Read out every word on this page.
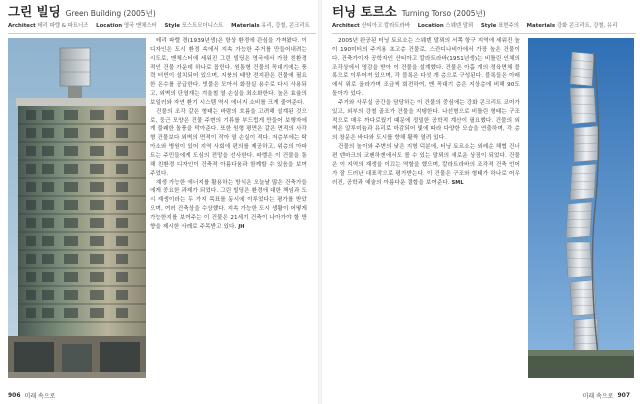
그린 빌딩 Green Building (2005년)
Architect 테리 파렐 & 파트너즈 Location 영국 맨체스터 Style 포스트모더니스트 Materials 유리, 강철, 콘크리트

테리 파렐 경(1939년생)은 항상 환경에 관심을 가져왔다. 이 디자인은 도시 환경 속에서 지속 가능한 주거를 만들어내려는 시도로, 맨체스터에 세워진 그린 빌딩은 영국에서 가장 친환경적인 건물 가운데 하나로 꼽힌다. 원통형 건물의 꼭대기에는 풍력 터빈이 설치되어 있으며, 지붕의 태양 전지판은 건물에 필요한 온수를 공급한다. 빗물은 모아서 화장실 용수로 다시 사용되고, 외벽의 단열재는 겨울철 열 손실을 최소화한다. 높은 효율의 보일러와 자연 환기 시스템 역시 에너지 소비를 크게 줄여준다.

건물의 조각 같은 형태는 바람의 흐름을 고려해 설계된 것으로, 둥근 모양은 건물 주변의 기류를 부드럽게 만들어 보행자에게 불쾌한 돌풍을 막아준다. 또한 원형 평면은 같은 면적의 사각형 건물보다 외벽의 면적이 작아 열 손실이 적다. 저층부에는 탁아소와 병원이 있어 지역 사회에 편의를 제공하고, 위층의 아파트는 주민들에게 도심의 전망을 선사한다. 파렐은 이 건물을 통해 친환경 디자인이 건축적 아름다움과 함께할 수 있음을 보여주었다.

재생 가능한 에너지를 활용하는 방식은 오늘날 많은 건축가들에게 중요한 과제가 되었다. 그린 빌딩은 환경에 대한 책임과 도시 재생이라는 두 가지 목표를 동시에 이루었다는 평가를 받았으며, 여러 건축상을 수상했다. 지속 가능한 도시 생활이 어떻게 가능한지를 보여주는 이 건물은 21세기 건축이 나아가야 할 방향을 제시한 사례로 주목받고 있다. JH

906 미래 속으로
터닝 토르소 Turning Torso (2005년)
Architect 산티아고 칼라트라바 Location 스웨덴 말뫼 Style 표현주의 Materials 강화 콘크리트, 강철, 유리

2005년 완공된 터닝 토르소는 스웨덴 말뫼의 서쪽 항구 지역에 세워진 높이 190미터의 주거용 초고층 건물로, 스칸디나비아에서 가장 높은 건물이다. 건축가이자 공학자인 산티아고 칼라트라바(1951년생)는 비틀린 인체의 조각상에서 영감을 받아 이 건물을 설계했다. 건물은 아홉 개의 정육면체 블록으로 이루어져 있으며, 각 블록은 다섯 개 층으로 구성된다. 블록들은 아래에서 위로 올라가며 조금씩 회전하여, 맨 꼭대기 층은 지상층에 비해 90도 돌아가 있다.

주거와 사무실 공간을 담당하는 이 건물의 중심에는 강화 콘크리트 코어가 있고, 외부의 강철 골조가 건물을 지탱한다. 나선형으로 비틀린 형태는 구조적으로 매우 까다로웠기 때문에 정밀한 공학적 계산이 필요했다. 건물의 외벽은 알루미늄과 유리로 마감되어 빛에 따라 다양한 모습을 연출하며, 각 층의 창문은 바다와 도시를 향해 활짝 열려 있다.

건물의 높이와 주변의 낮은 지형 덕분에, 터닝 토르소는 외레순 해협 건너편 덴마크의 코펜하겐에서도 볼 수 있는 말뫼의 새로운 상징이 되었다. 건물은 이 지역의 재생을 이끄는 역할을 했으며, 칼라트라바의 조각적 건축 언어가 잘 드러난 대표작으로 평가받는다. 이 건물은 구조와 형태가 하나로 어우러진, 공학과 예술의 아름다운 결합을 보여준다. SML

미래 속으로 907
